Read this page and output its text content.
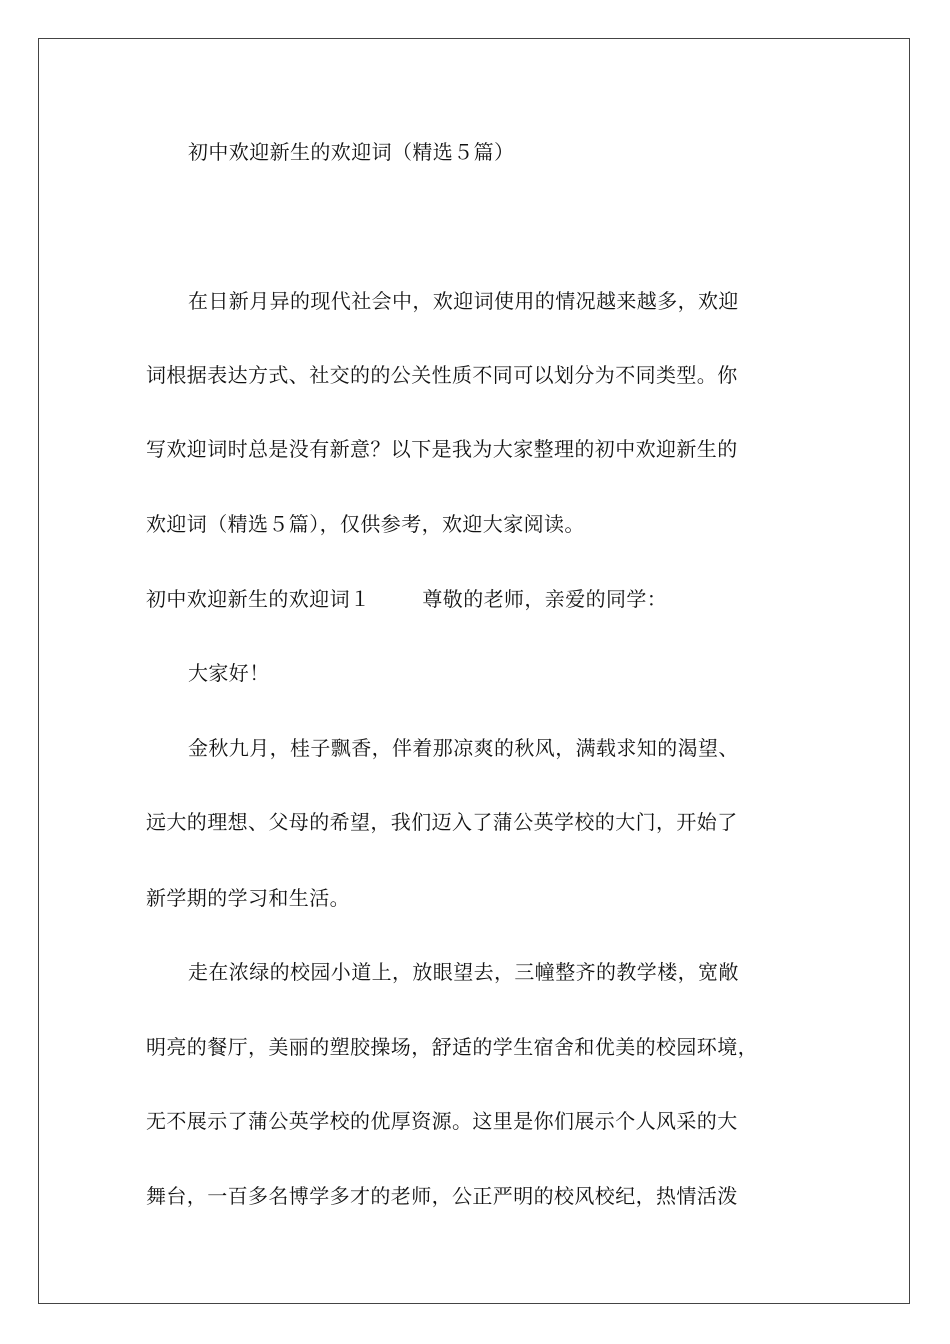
初中欢迎新生的欢迎词（精选５篇）
在日新月异的现代社会中，欢迎词使用的情况越来越多，欢迎
词根据表达方式、社交的的公关性质不同可以划分为不同类型。你
写欢迎词时总是没有新意？以下是我为大家整理的初中欢迎新生的
欢迎词（精选５篇），仅供参考，欢迎大家阅读。
初中欢迎新生的欢迎词１	尊敬的老师，亲爱的同学：
大家好！
金秋九月，桂子飘香，伴着那凉爽的秋风，满载求知的渴望、
远大的理想、父母的希望，我们迈入了蒲公英学校的大门，开始了
新学期的学习和生活。
走在浓绿的校园小道上，放眼望去，三幢整齐的教学楼，宽敞
明亮的餐厅，美丽的塑胶操场，舒适的学生宿舍和优美的校园环境，
无不展示了蒲公英学校的优厚资源。这里是你们展示个人风采的大
舞台，一百多名博学多才的老师，公正严明的校风校纪，热情活泼
